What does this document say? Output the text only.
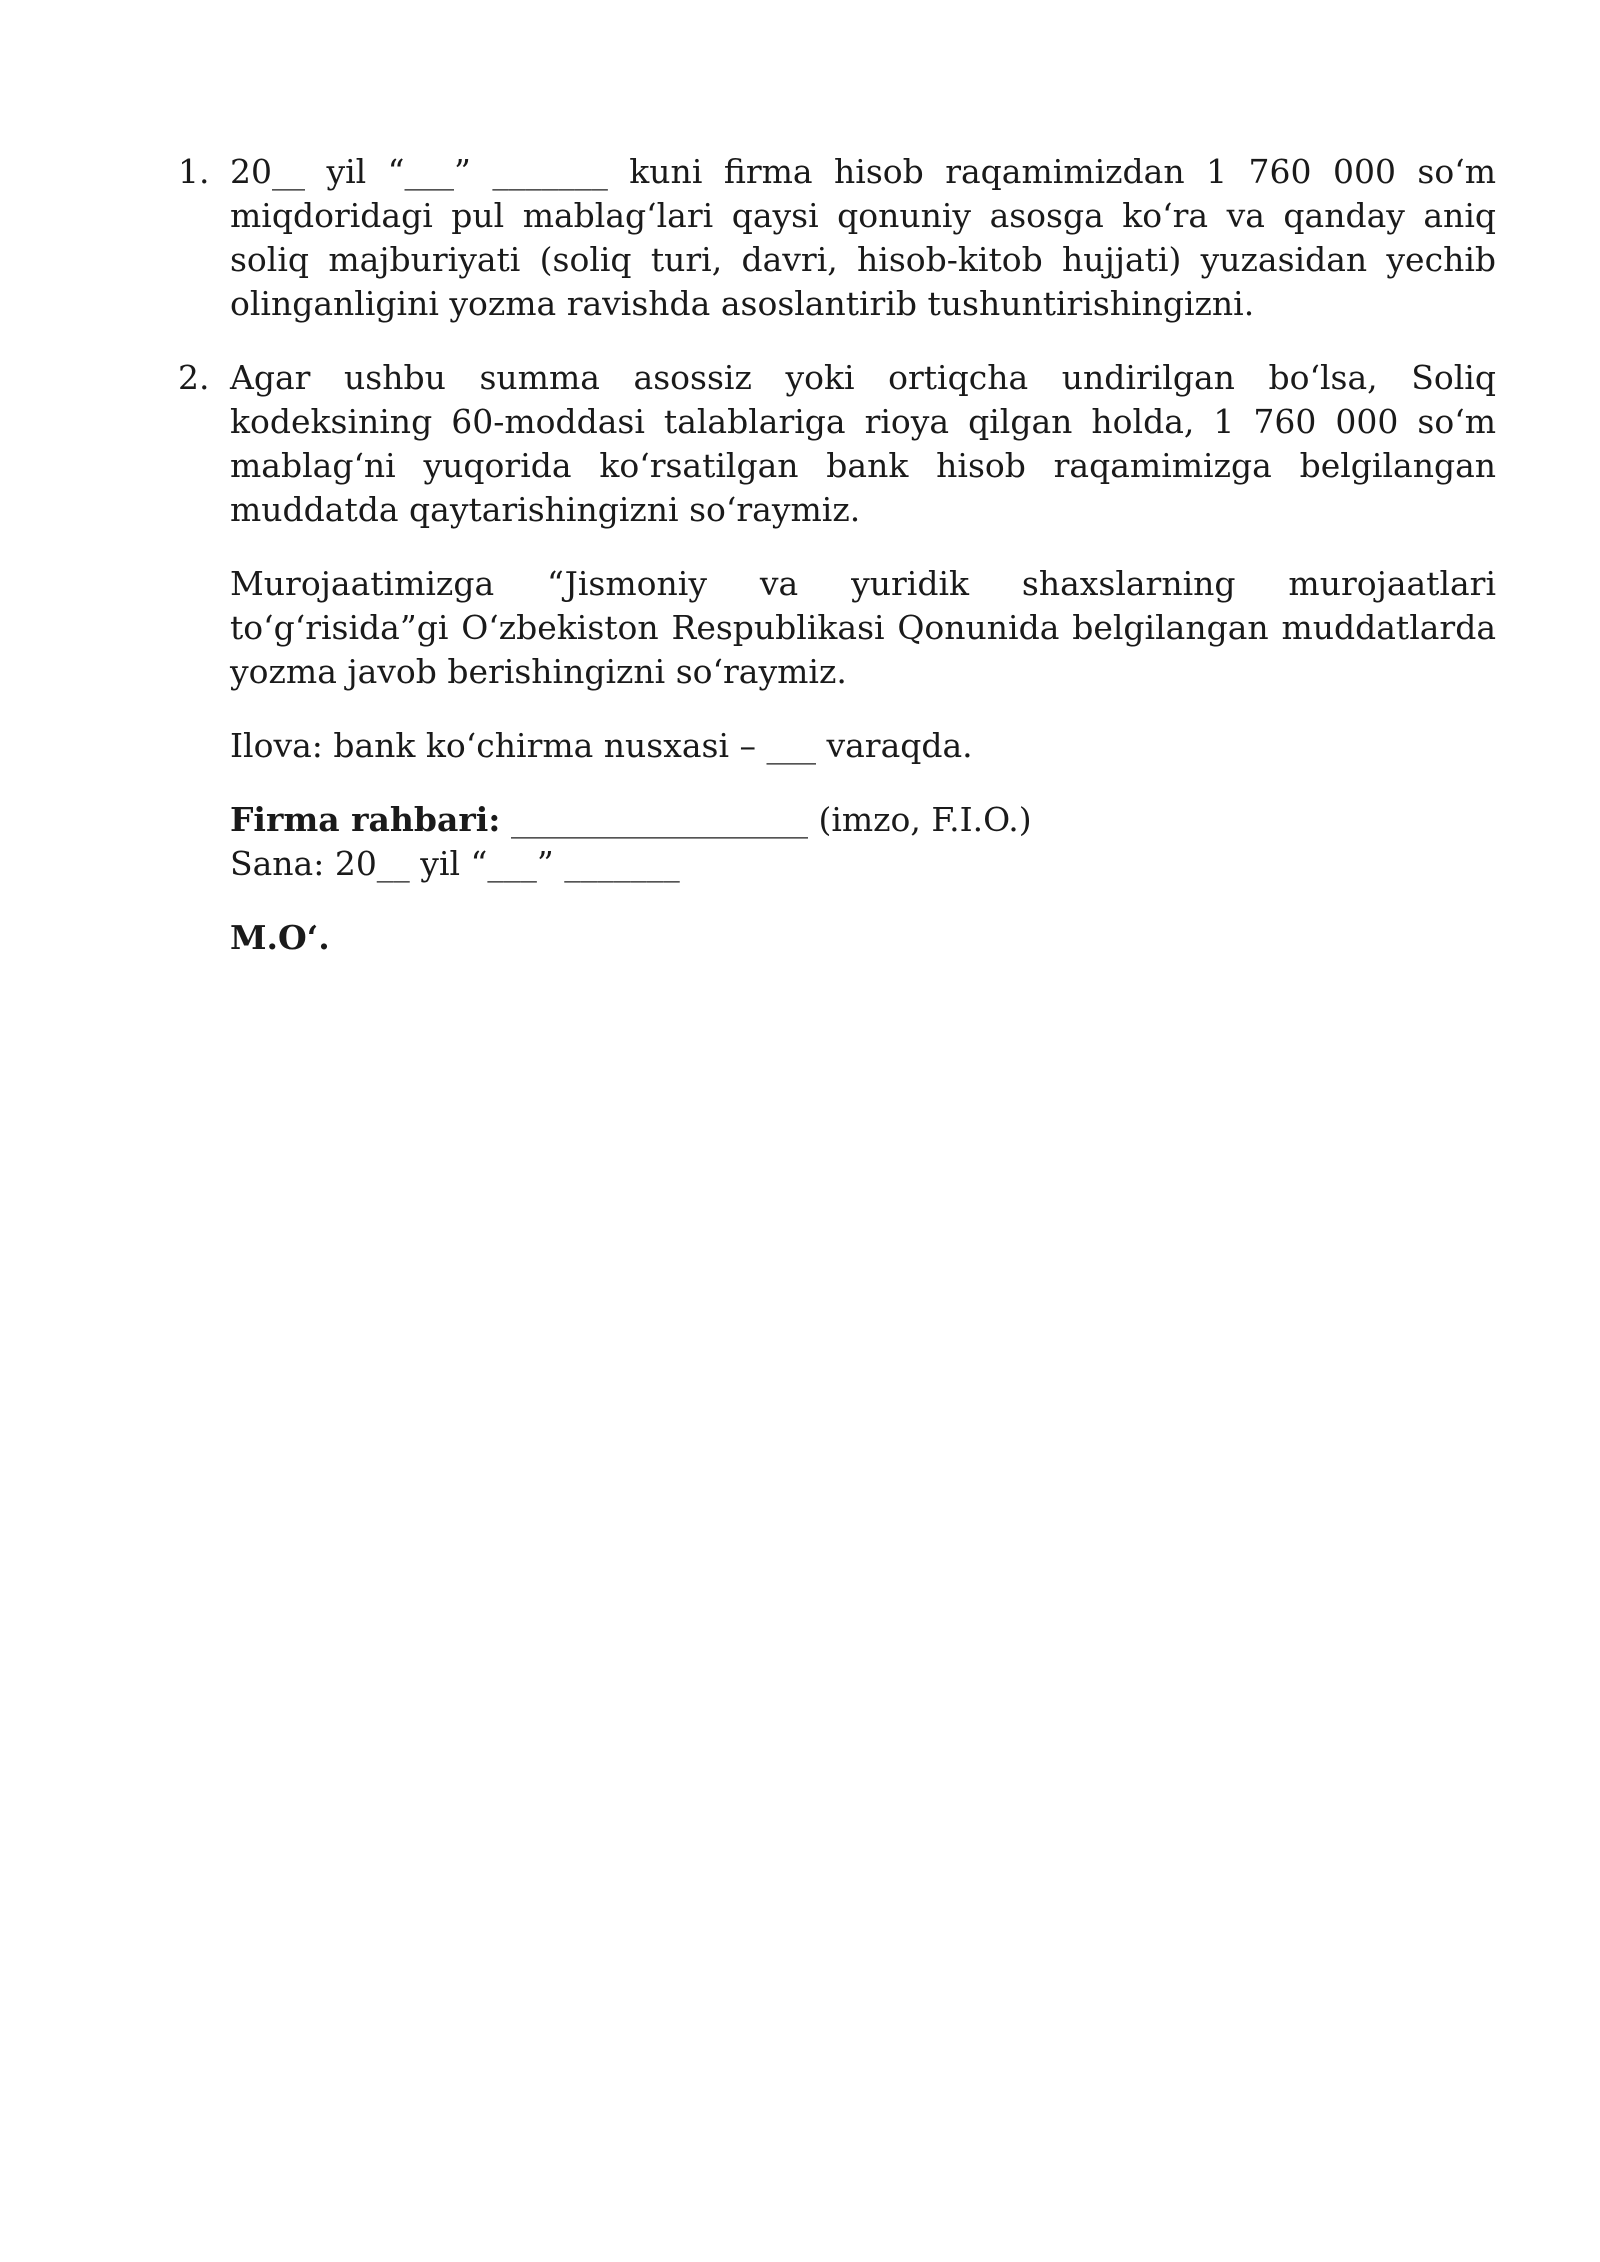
1. 20__ yil “___” _______ kuni firma hisob raqamimizdan 1 760 000 so‘m miqdoridagi pul mablag‘lari qaysi qonuniy asosga ko‘ra va qanday aniq soliq majburiyati (soliq turi, davri, hisob-kitob hujjati) yuzasidan yechib olinganligini yozma ravishda asoslantirib tushuntirishingizni.
2. Agar ushbu summa asossiz yoki ortiqcha undirilgan bo‘lsa, Soliq kodeksining 60-moddasi talablariga rioya qilgan holda, 1 760 000 so‘m mablag‘ni yuqorida ko‘rsatilgan bank hisob raqamimizga belgilangan muddatda qaytarishingizni so‘raymiz.
Murojaatimizga “Jismoniy va yuridik shaxslarning murojaatlari to‘g‘risida”gi O‘zbekiston Respublikasi Qonunida belgilangan muddatlarda yozma javob berishingizni so‘raymiz.
Ilova: bank ko‘chirma nusxasi – ___ varaqda.
Firma rahbari: __________________ (imzo, F.I.O.)
Sana: 20__ yil “___” _______
M.O‘.
